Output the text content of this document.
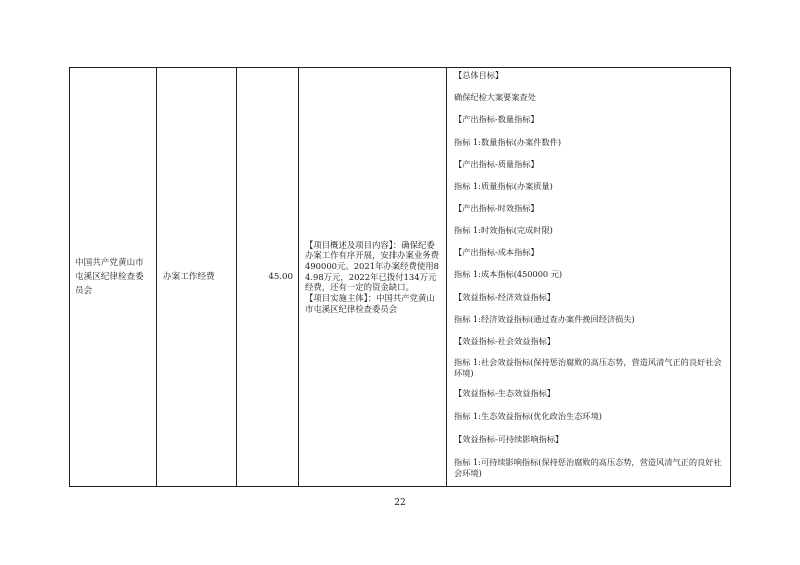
中国共产党黄山市屯溪区纪律检查委员会
办案工作经费	45.00
【项目概述及项目内容】：确保纪委办案工作有序开展，安排办案业务费490000元。2021年办案经费使用84.98万元，2022年已拨付134万元经费，还有一定的资金缺口。
【项目实施主体】：中国共产党黄山市屯溪区纪律检查委员会
【总体目标】
确保纪检大案要案查处
【产出指标-数量指标】
指标 1:数量指标(办案件数件)
【产出指标-质量指标】
指标 1:质量指标(办案质量)
【产出指标-时效指标】
指标 1:时效指标(完成时限)
【产出指标-成本指标】
指标 1:成本指标(450000 元)
【效益指标-经济效益指标】
指标 1:经济效益指标(通过查办案件挽回经济损失)
【效益指标-社会效益指标】
指标 1:社会效益指标(保持惩治腐败的高压态势，营造风清气正的良好社会环境)
【效益指标-生态效益指标】
指标 1:生态效益指标(优化政治生态环境)
【效益指标-可持续影响指标】
指标 1:可持续影响指标(保持惩治腐败的高压态势，营造风清气正的良好社会环境)
22
